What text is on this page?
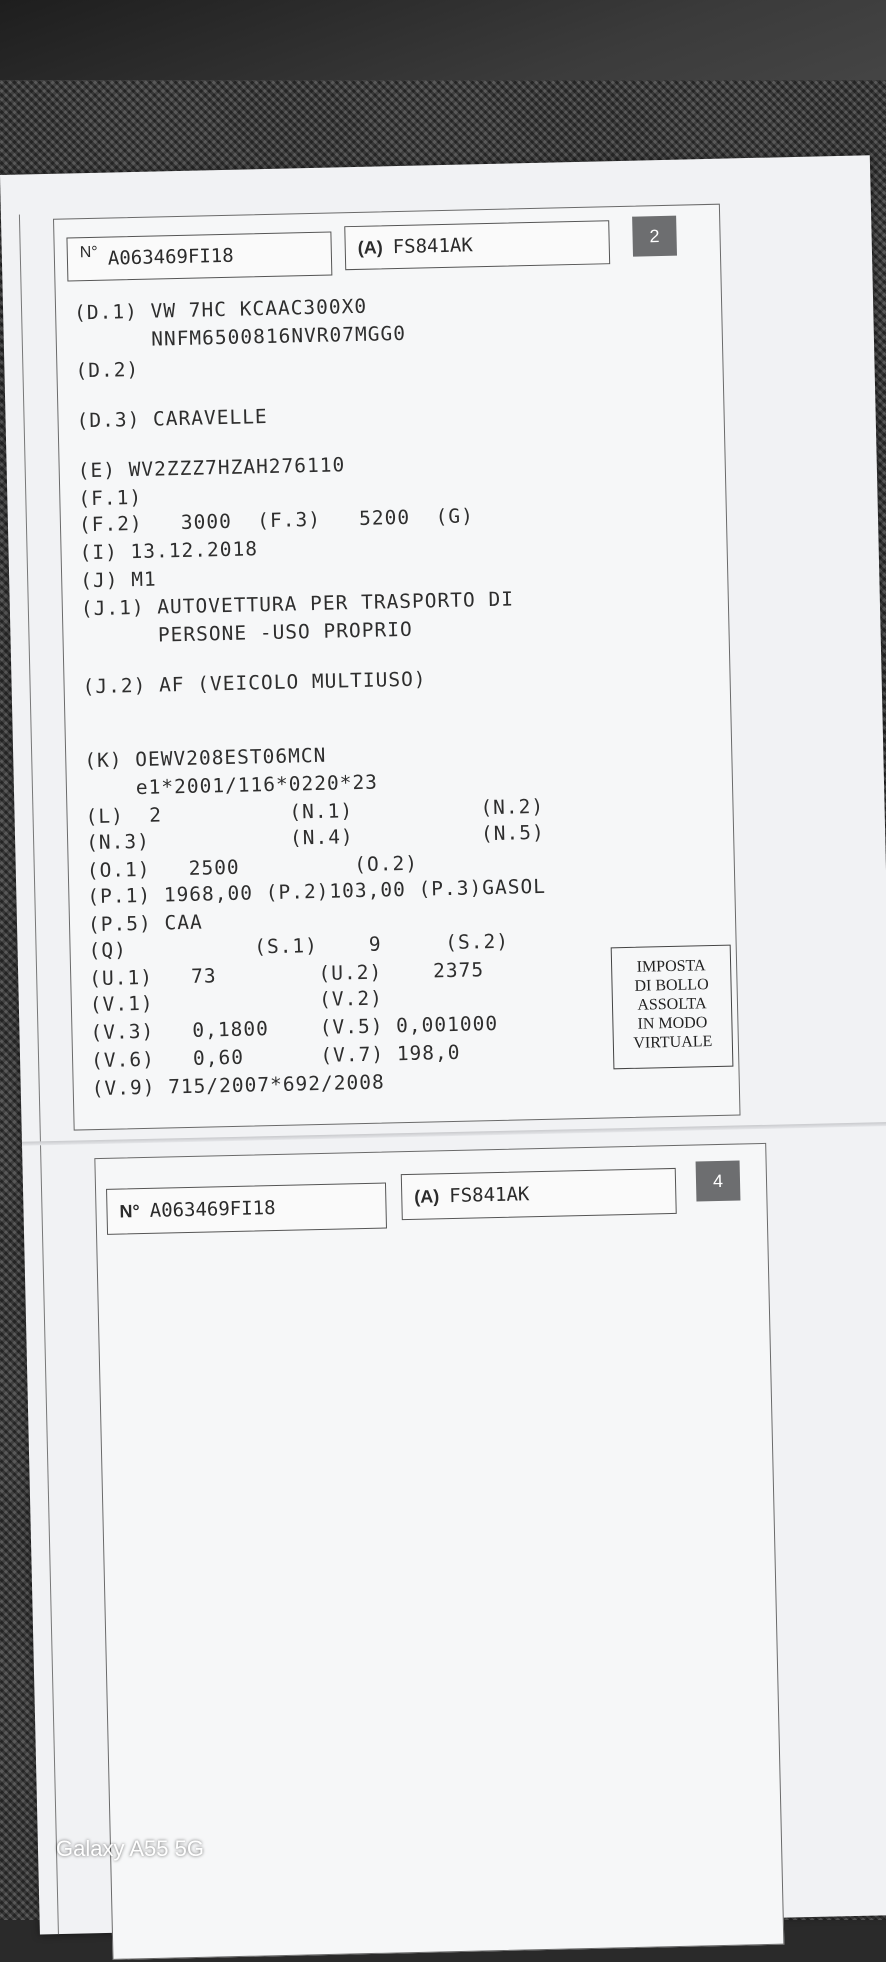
N° A063469FI18	(A) FS841AK	2
(D.1) VW 7HC KCAAC300X0
NNFM6500816NVR07MGG0
(D.2)
(D.3) CARAVELLE
(E) WV2ZZZ7HZAH276110
(F.1)
(F.2)   3000  (F.3)   5200  (G)
(I) 13.12.2018
(J) M1
(J.1) AUTOVETTURA PER TRASPORTO DI
PERSONE -USO PROPRIO
(J.2) AF (VEICOLO MULTIUSO)
(K) OEWV208EST06MCN
e1*2001/116*0220*23
(L)  2          (N.1)          (N.2)
(N.3)           (N.4)          (N.5)
(O.1)   2500         (O.2)
(P.1) 1968,00 (P.2)103,00 (P.3)GASOL
(P.5) CAA
(Q)          (S.1)    9     (S.2)
(U.1)   73        (U.2)    2375
(V.1)             (V.2)
(V.3)   0,1800    (V.5) 0,001000
(V.6)   0,60      (V.7) 198,0
(V.9) 715/2007*692/2008
IMPOSTA
DI BOLLO
ASSOLTA
IN MODO
VIRTUALE
N° A063469FI18
(A) FS841AK
4
Galaxy A55 5G
